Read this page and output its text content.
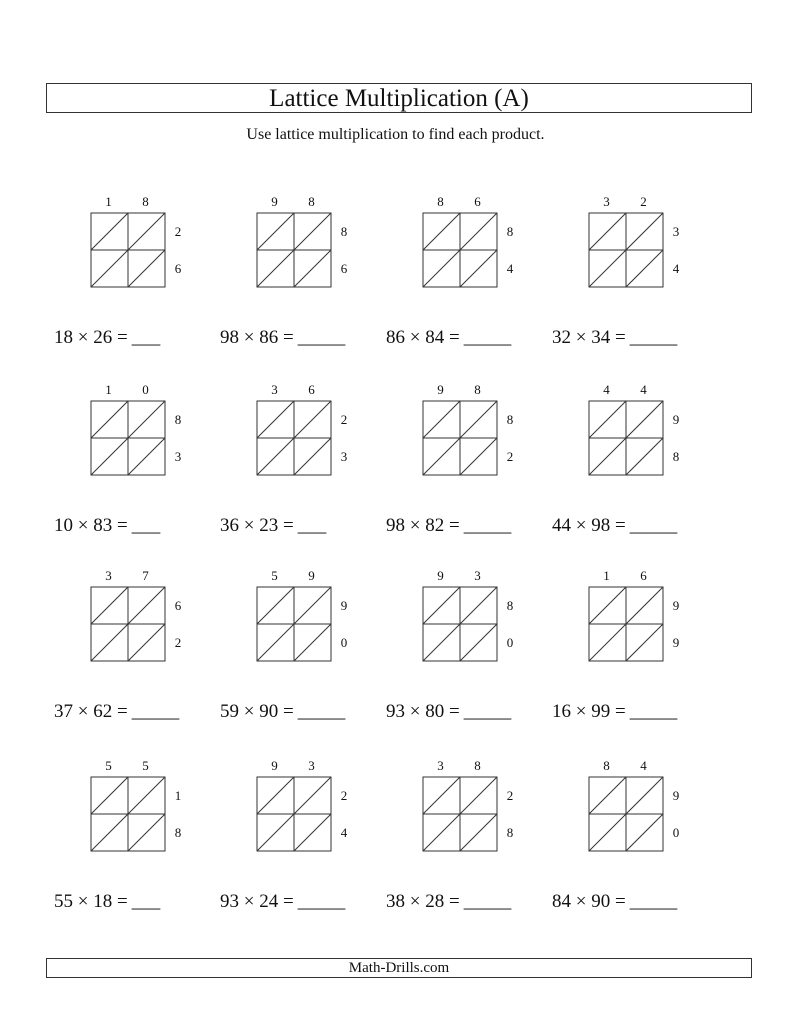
Lattice Multiplication (A)
Use lattice multiplication to find each product.
1	8
2
6
18 × 26 = ___
9	8
8
6
98 × 86 = _____
8	6
8
4
86 × 84 = _____
3	2
3
4
32 × 34 = _____
1	0
8
3
10 × 83 = ___
3	6
2
3
36 × 23 = ___
9	8
8
2
98 × 82 = _____
4	4
9
8
44 × 98 = _____
3	7
6
2
37 × 62 = _____
5	9
9
0
59 × 90 = _____
9	3
8
0
93 × 80 = _____
1	6
9
9
16 × 99 = _____
5	5
1
8
55 × 18 = ___
9	3
2
4
93 × 24 = _____
3	8
2
8
38 × 28 = _____
8	4
9
0
84 × 90 = _____
Math-Drills.com
